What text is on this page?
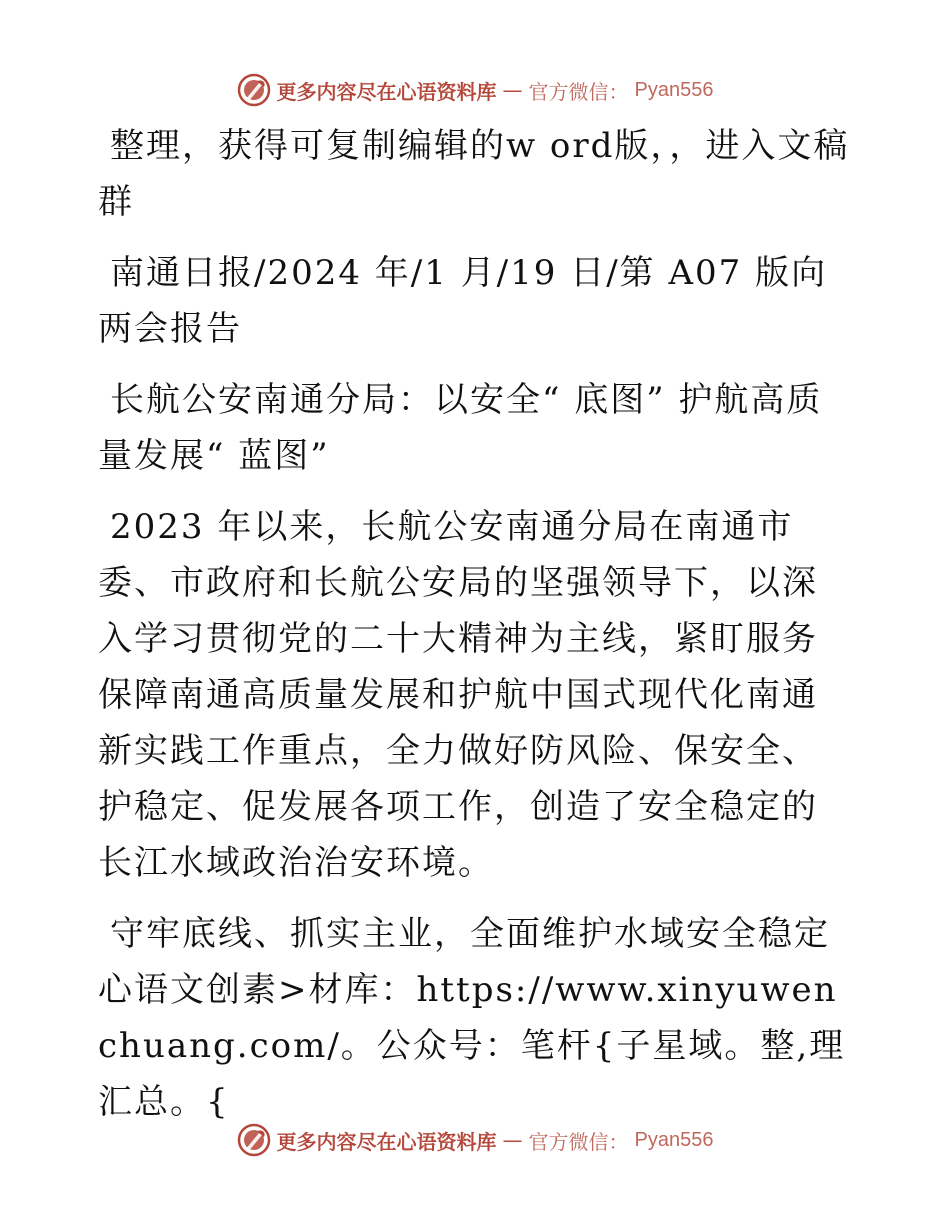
更多内容尽在心语资料库 — 官方微信： Pyan556

整理，获得可复制编辑的w ord版，，进入文稿群

南通日报/2024 年/1 月/19 日/第 A07 版向两会报告

长航公安南通分局：以安全“ 底图” 护航高质量发展“ 蓝图”

2023 年以来，长航公安南通分局在南通市委、市政府和长航公安局的坚强领导下，以深入学习贯彻党的二十大精神为主线，紧盯服务保障南通高质量发展和护航中国式现代化南通新实践工作重点，全力做好防风险、保安全、护稳定、促发展各项工作，创造了安全稳定的长江水域政治治安环境。

守牢底线、抓实主业，全面维护水域安全稳定心语文创素>材库：https://www.xinyuwenchuang.com/。公众号：笔杆{子星域。整,理汇总。{

更多内容尽在心语资料库 — 官方微信： Pyan556
